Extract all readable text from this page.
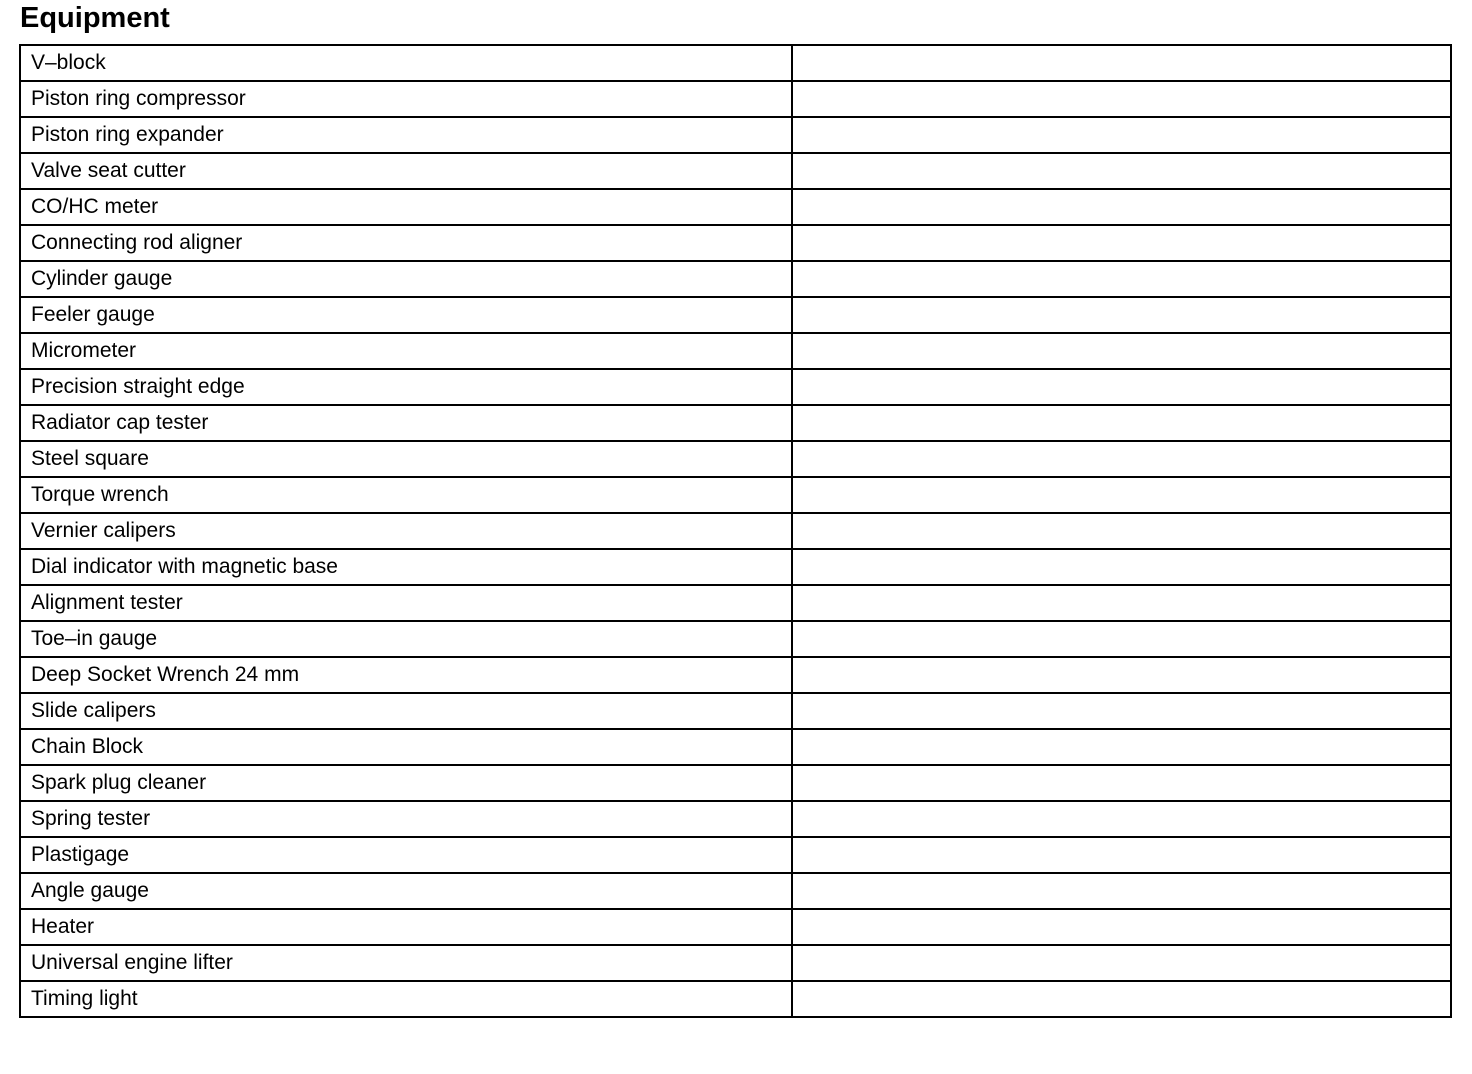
Equipment
V–block	
Piston ring compressor	
Piston ring expander	
Valve seat cutter	
CO/HC meter	
Connecting rod aligner	
Cylinder gauge	
Feeler gauge	
Micrometer	
Precision straight edge	
Radiator cap tester	
Steel square	
Torque wrench	
Vernier calipers	
Dial indicator with magnetic base	
Alignment tester	
Toe–in gauge	
Deep Socket Wrench 24 mm	
Slide calipers	
Chain Block	
Spark plug cleaner	
Spring tester	
Plastigage	
Angle gauge	
Heater	
Universal engine lifter	
Timing light	
